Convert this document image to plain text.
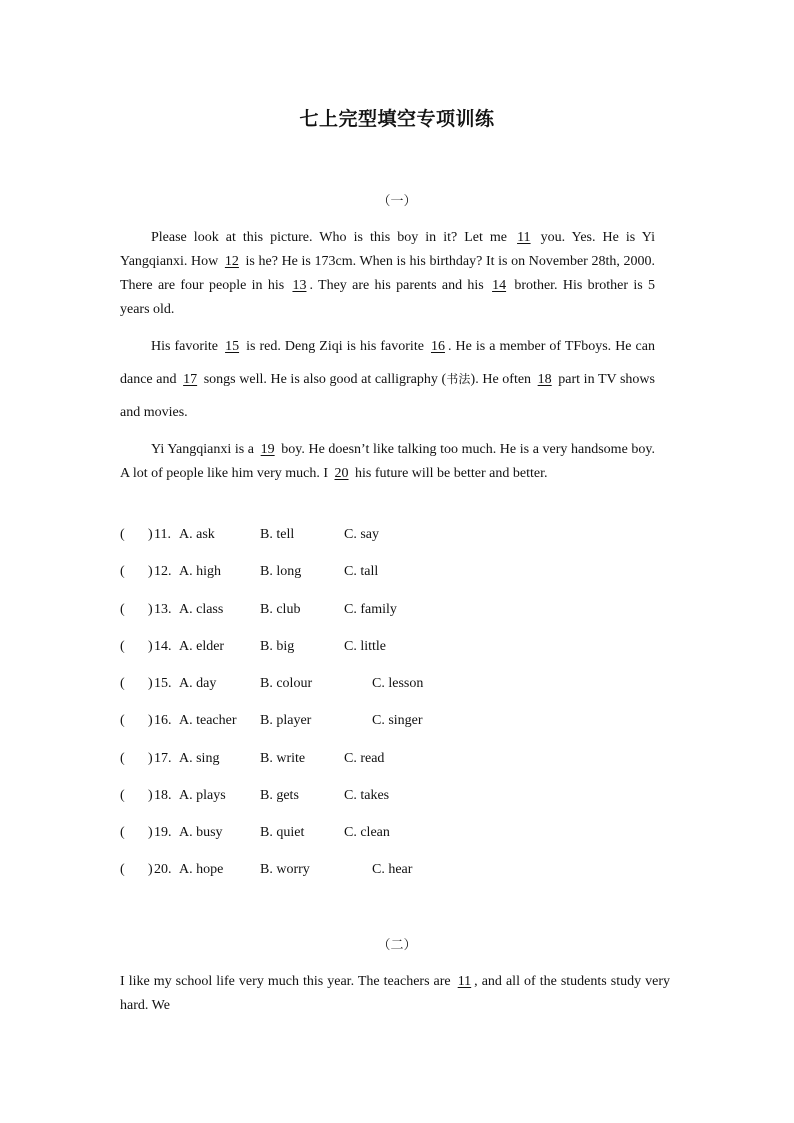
七上完型填空专项训练
（一）

Please look at this picture. Who is this boy in it? Let me 11 you. Yes. He is Yi Yangqianxi. How 12 is he? He is 173cm. When is his birthday? It is on November 28th, 2000. There are four people in his 13 . They are his parents and his 14 brother. His brother is 5 years old.

His favorite 15 is red. Deng Ziqi is his favorite 16 . He is a member of TFboys. He can dance and 17 songs well. He is also good at calligraphy (书法). He often 18 part in TV shows and movies.

Yi Yangqianxi is a 19 boy. He doesn’t like talking too much. He is a very handsome boy. A lot of people like him very much. I 20 his future will be better and better.

( ) 11. A. ask	B. tell	C. say
( ) 12. A. high	B. long	C. tall
( ) 13. A. class	B. club	C. family
( ) 14. A. elder	B. big	C. little
( ) 15. A. day	B. colour	C. lesson
( ) 16. A. teacher B. player	C. singer
( ) 17. A. sing	B. write	C. read
( ) 18. A. plays B. gets	C. takes
( ) 19. A. busy	B. quiet	C. clean
( ) 20. A. hope	B. worry	C. hear
（二）

I like my school life very much this year. The teachers are 11 , and all of the students study very hard. We
